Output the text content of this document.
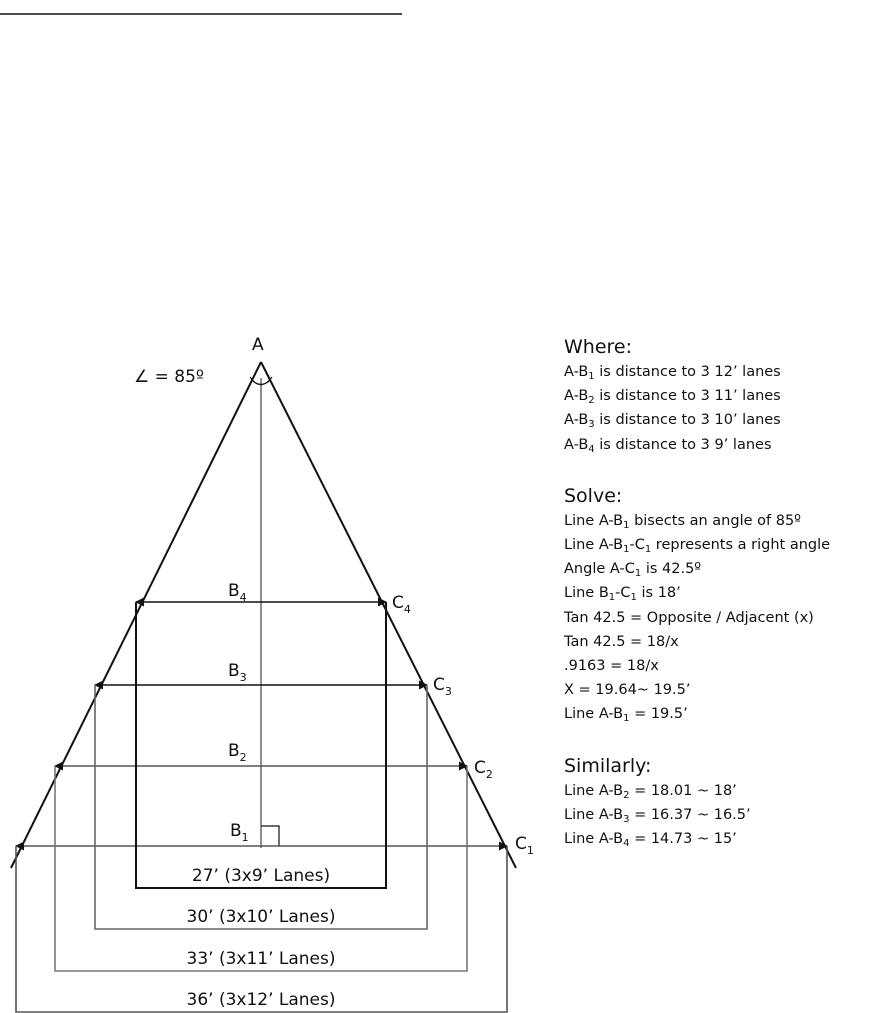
A
∠ = 85º
$B_4$
$B_3$
$B_2$
$B_1$
$C_4$
$C_3$
$C_2$
$C_1$
27’ (3x9’ Lanes)
30’ (3x10’ Lanes)
33’ (3x11’ Lanes)
36’ (3x12’ Lanes)
Where:
$A-B_1$ is distance to 3 12’ lanes
$A-B_2$ is distance to 3 11’ lanes
$A-B_3$ is distance to 3 10’ lanes
$A-B_4$ is distance to 3 9’ lanes
Solve:
Line $A-B_1$ bisects an angle of 85º
Line $A-B_1-C_1$ represents a right angle
Angle $A-C_1$ is 42.5º
Line $B_1-C_1$ is 18’
Tan 42.5 = Opposite / Adjacent (x)
Tan 42.5 = 18/x
.9163 = 18/x
X = 19.64~ 19.5’
Line $A-B_1 = 19.5$’
Similarly:
Line $A-B_2 = 18.01$ ~ 18’
Line $A-B_3 = 16.37$ ~ 16.5’
Line $A-B_4 = 14.73$ ~ 15’
